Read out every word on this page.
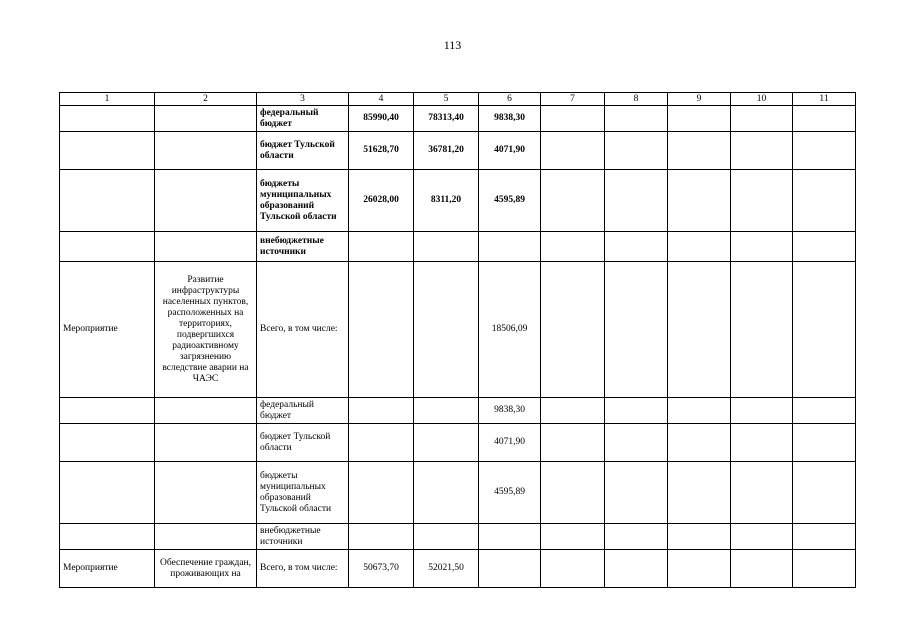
113
1	2	3	4	5	6	7	8	9	10	11
		федеральный бюджет	85990,40	78313,40	9838,30					
		бюджет Тульской области	51628,70	36781,20	4071,90					
		бюджеты муниципальных образований Тульской области	26028,00	8311,20	4595,89					
		внебюджетные источники								
Мероприятие	Развитие инфраструктуры населенных пунктов, расположенных на территориях, подвергшихся радиоактивному загрязнению вследствие аварии на ЧАЭС	Всего, в том числе:			18506,09					
		федеральный бюджет			9838,30					
		бюджет Тульской области			4071,90					
		бюджеты муниципальных образований Тульской области			4595,89					
		внебюджетные источники								
Мероприятие	Обеспечение граждан, проживающих на	Всего, в том числе:	50673,70	52021,50						
